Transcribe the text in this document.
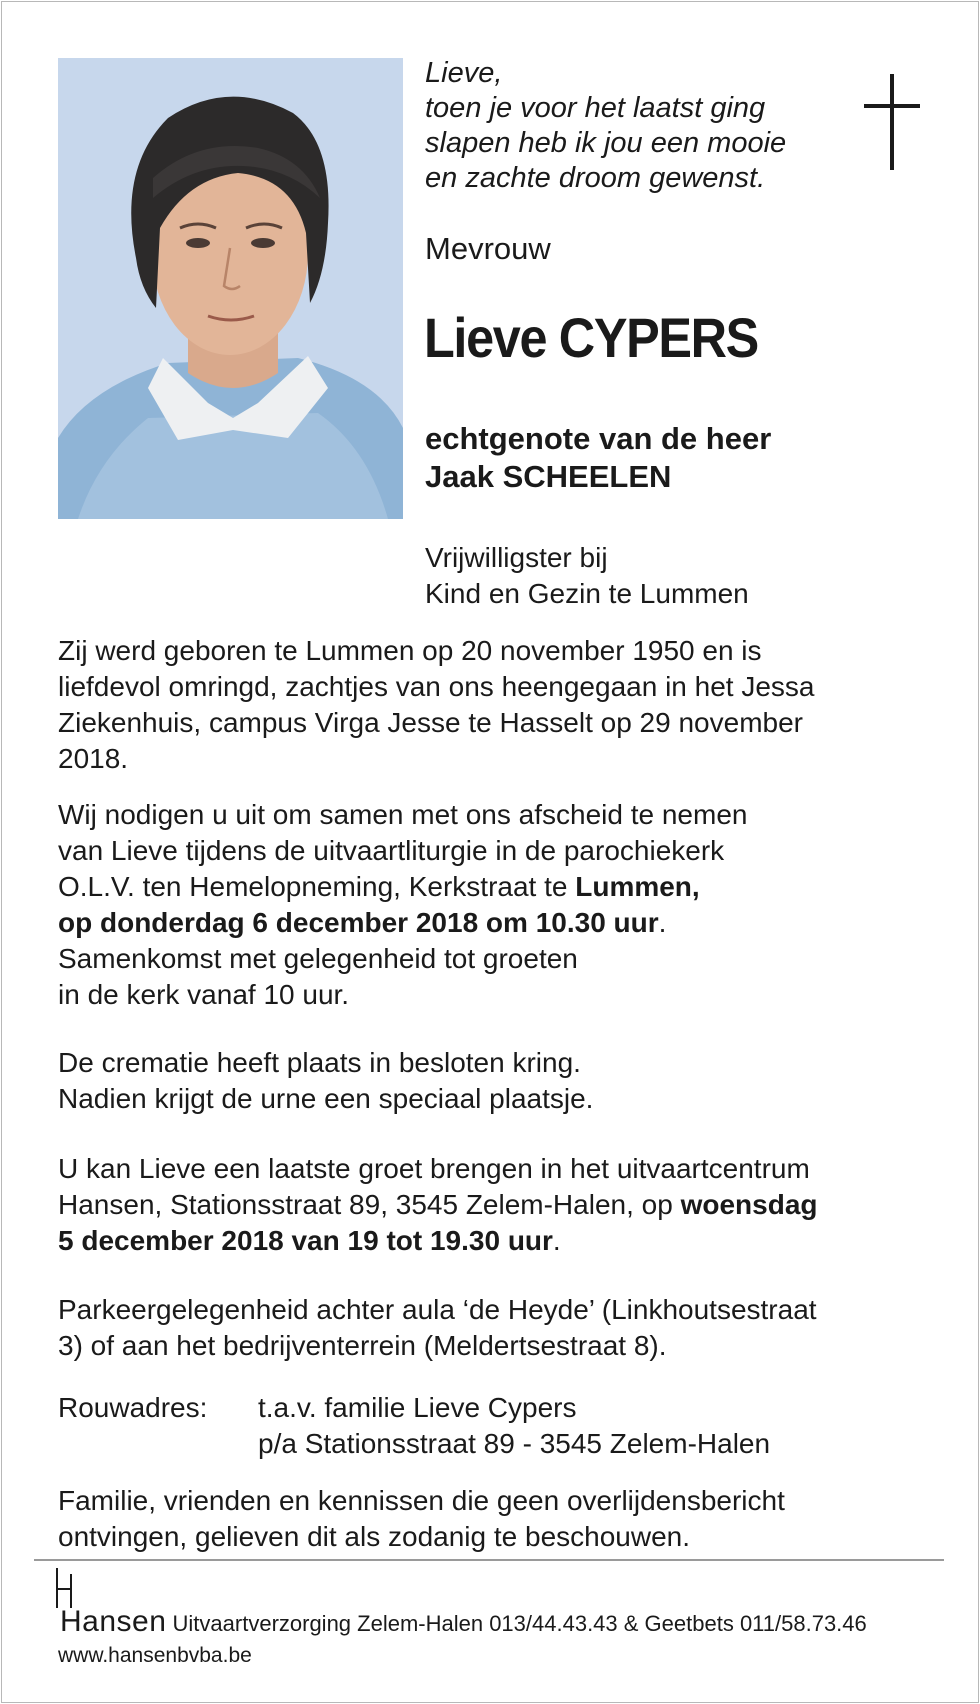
Lieve,
toen je voor het laatst ging
slapen heb ik jou een mooie
en zachte droom gewenst.
Mevrouw
Lieve CYPERS
echtgenote van de heer
Jaak SCHEELEN
Vrijwilligster bij
Kind en Gezin te Lummen

Zij werd geboren te Lummen op 20 november 1950 en is

liefdevol omringd, zachtjes van ons heengegaan in het Jessa

Ziekenhuis, campus Virga Jesse te Hasselt op 29 november

2018.

Wij nodigen u uit om samen met ons afscheid te nemen

van Lieve tijdens de uitvaartliturgie in de parochiekerk

O.L.V. ten Hemelopneming, Kerkstraat te Lummen,

op donderdag 6 december 2018 om 10.30 uur.

Samenkomst met gelegenheid tot groeten

in de kerk vanaf 10 uur.

De crematie heeft plaats in besloten kring.

Nadien krijgt de urne een speciaal plaatsje.

U kan Lieve een laatste groet brengen in het uitvaartcentrum

Hansen, Stationsstraat 89, 3545 Zelem-Halen, op woensdag

5 december 2018 van 19 tot 19.30 uur.

Parkeergelegenheid achter aula ‘de Heyde’ (Linkhoutsestraat

3) of aan het bedrijventerrein (Meldertsestraat 8).

Rouwadres: t.a.v. familie Lieve Cypers
p/a Stationsstraat 89 - 3545 Zelem-Halen

Familie, vrienden en kennissen die geen overlijdensbericht

ontvingen, gelieven dit als zodanig te beschouwen.

Hansen Uitvaartverzorging Zelem-Halen 013/44.43.43 & Geetbets 011/58.73.46
www.hansenbvba.be
